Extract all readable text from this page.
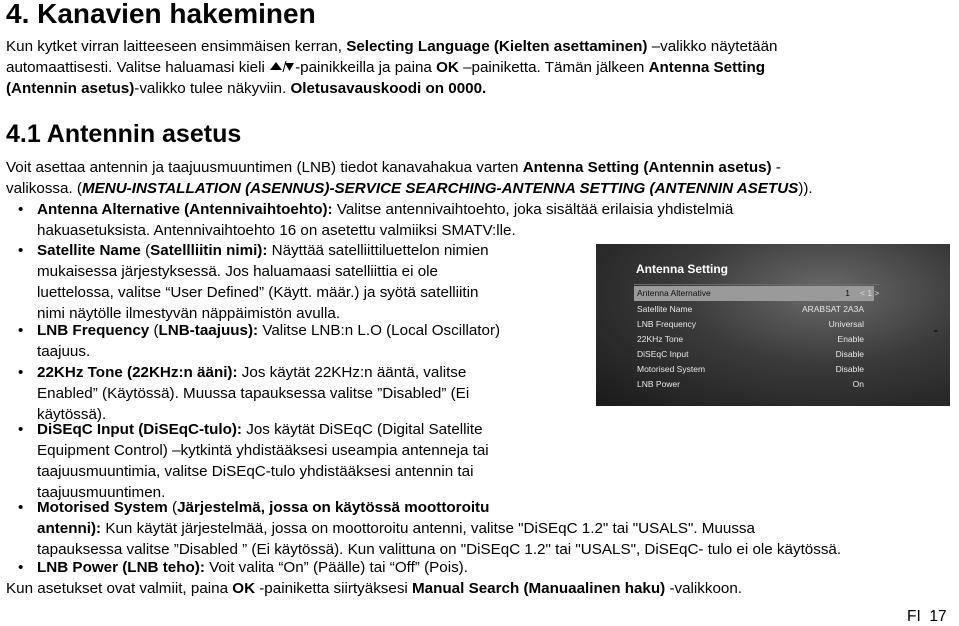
4. Kanavien hakeminen
Kun kytket virran laitteeseen ensimmäisen kerran, Selecting Language (Kielten asettaminen) –valikko näytetään
automaattisesti. Valitse haluamasi kieli -painikkeilla ja paina OK –painiketta. Tämän jälkeen Antenna Setting
(Antennin asetus)-valikko tulee näkyviin. Oletusavauskoodi on 0000.
4.1 Antennin asetus
Voit asettaa antennin ja taajuusmuuntimen (LNB) tiedot kanavahakua varten Antenna Setting (Antennin asetus) -
valikossa. (MENU-INSTALLATION (ASENNUS)-SERVICE SEARCHING-ANTENNA SETTING (ANTENNIN ASETUS)).
• Antenna Alternative (Antennivaihtoehto): Valitse antennivaihtoehto, joka sisältää erilaisia yhdistelmiä
hakuasetuksista. Antennivaihtoehto 16 on asetettu valmiiksi SMATV:lle.
• Satellite Name (Satellliitin nimi): Näyttää satelliittiluettelon nimien
mukaisessa järjestyksessä. Jos haluamaasi satelliittia ei ole
luettelossa, valitse “User Defined” (Käytt. määr.) ja syötä satelliitin
nimi näytölle ilmestyvän näppäimistön avulla.
• LNB Frequency (LNB-taajuus): Valitse LNB:n L.O (Local Oscillator)
taajuus.
• 22KHz Tone (22KHz:n ääni): Jos käytät 22KHz:n ääntä, valitse
Enabled” (Käytössä). Muussa tapauksessa valitse ”Disabled” (Ei
käytössä).
• DiSEqC Input (DiSEqC-tulo): Jos käytät DiSEqC (Digital Satellite
Equipment Control) –kytkintä yhdistääksesi useampia antenneja tai
taajuusmuuntimia, valitse DiSEqC-tulo yhdistääksesi antennin tai
taajuusmuuntimen.
• Motorised System (Järjestelmä, jossa on käytössä moottoroitu
antenni): Kun käytät järjestelmää, jossa on moottoroitu antenni, valitse "DiSEqC 1.2" tai "USALS". Muussa
tapauksessa valitse ”Disabled ” (Ei käytössä). Kun valittuna on "DiSEqC 1.2" tai "USALS", DiSEqC- tulo ei ole käytössä.
• LNB Power (LNB teho): Voit valita “On” (Päälle) tai “Off” (Pois).
Kun asetukset ovat valmiit, paina OK -painiketta siirtyäksesi Manual Search (Manuaalinen haku) -valikkoon.
Antenna Setting
Antenna Alternative	1 < 1 >
Satellite Name	ARABSAT 2A3A
LNB Frequency	Universal
22KHz Tone	Enable
DiSEqC Input	Disable
Motorised System	Disable
LNB Power	On
-
FI 17
